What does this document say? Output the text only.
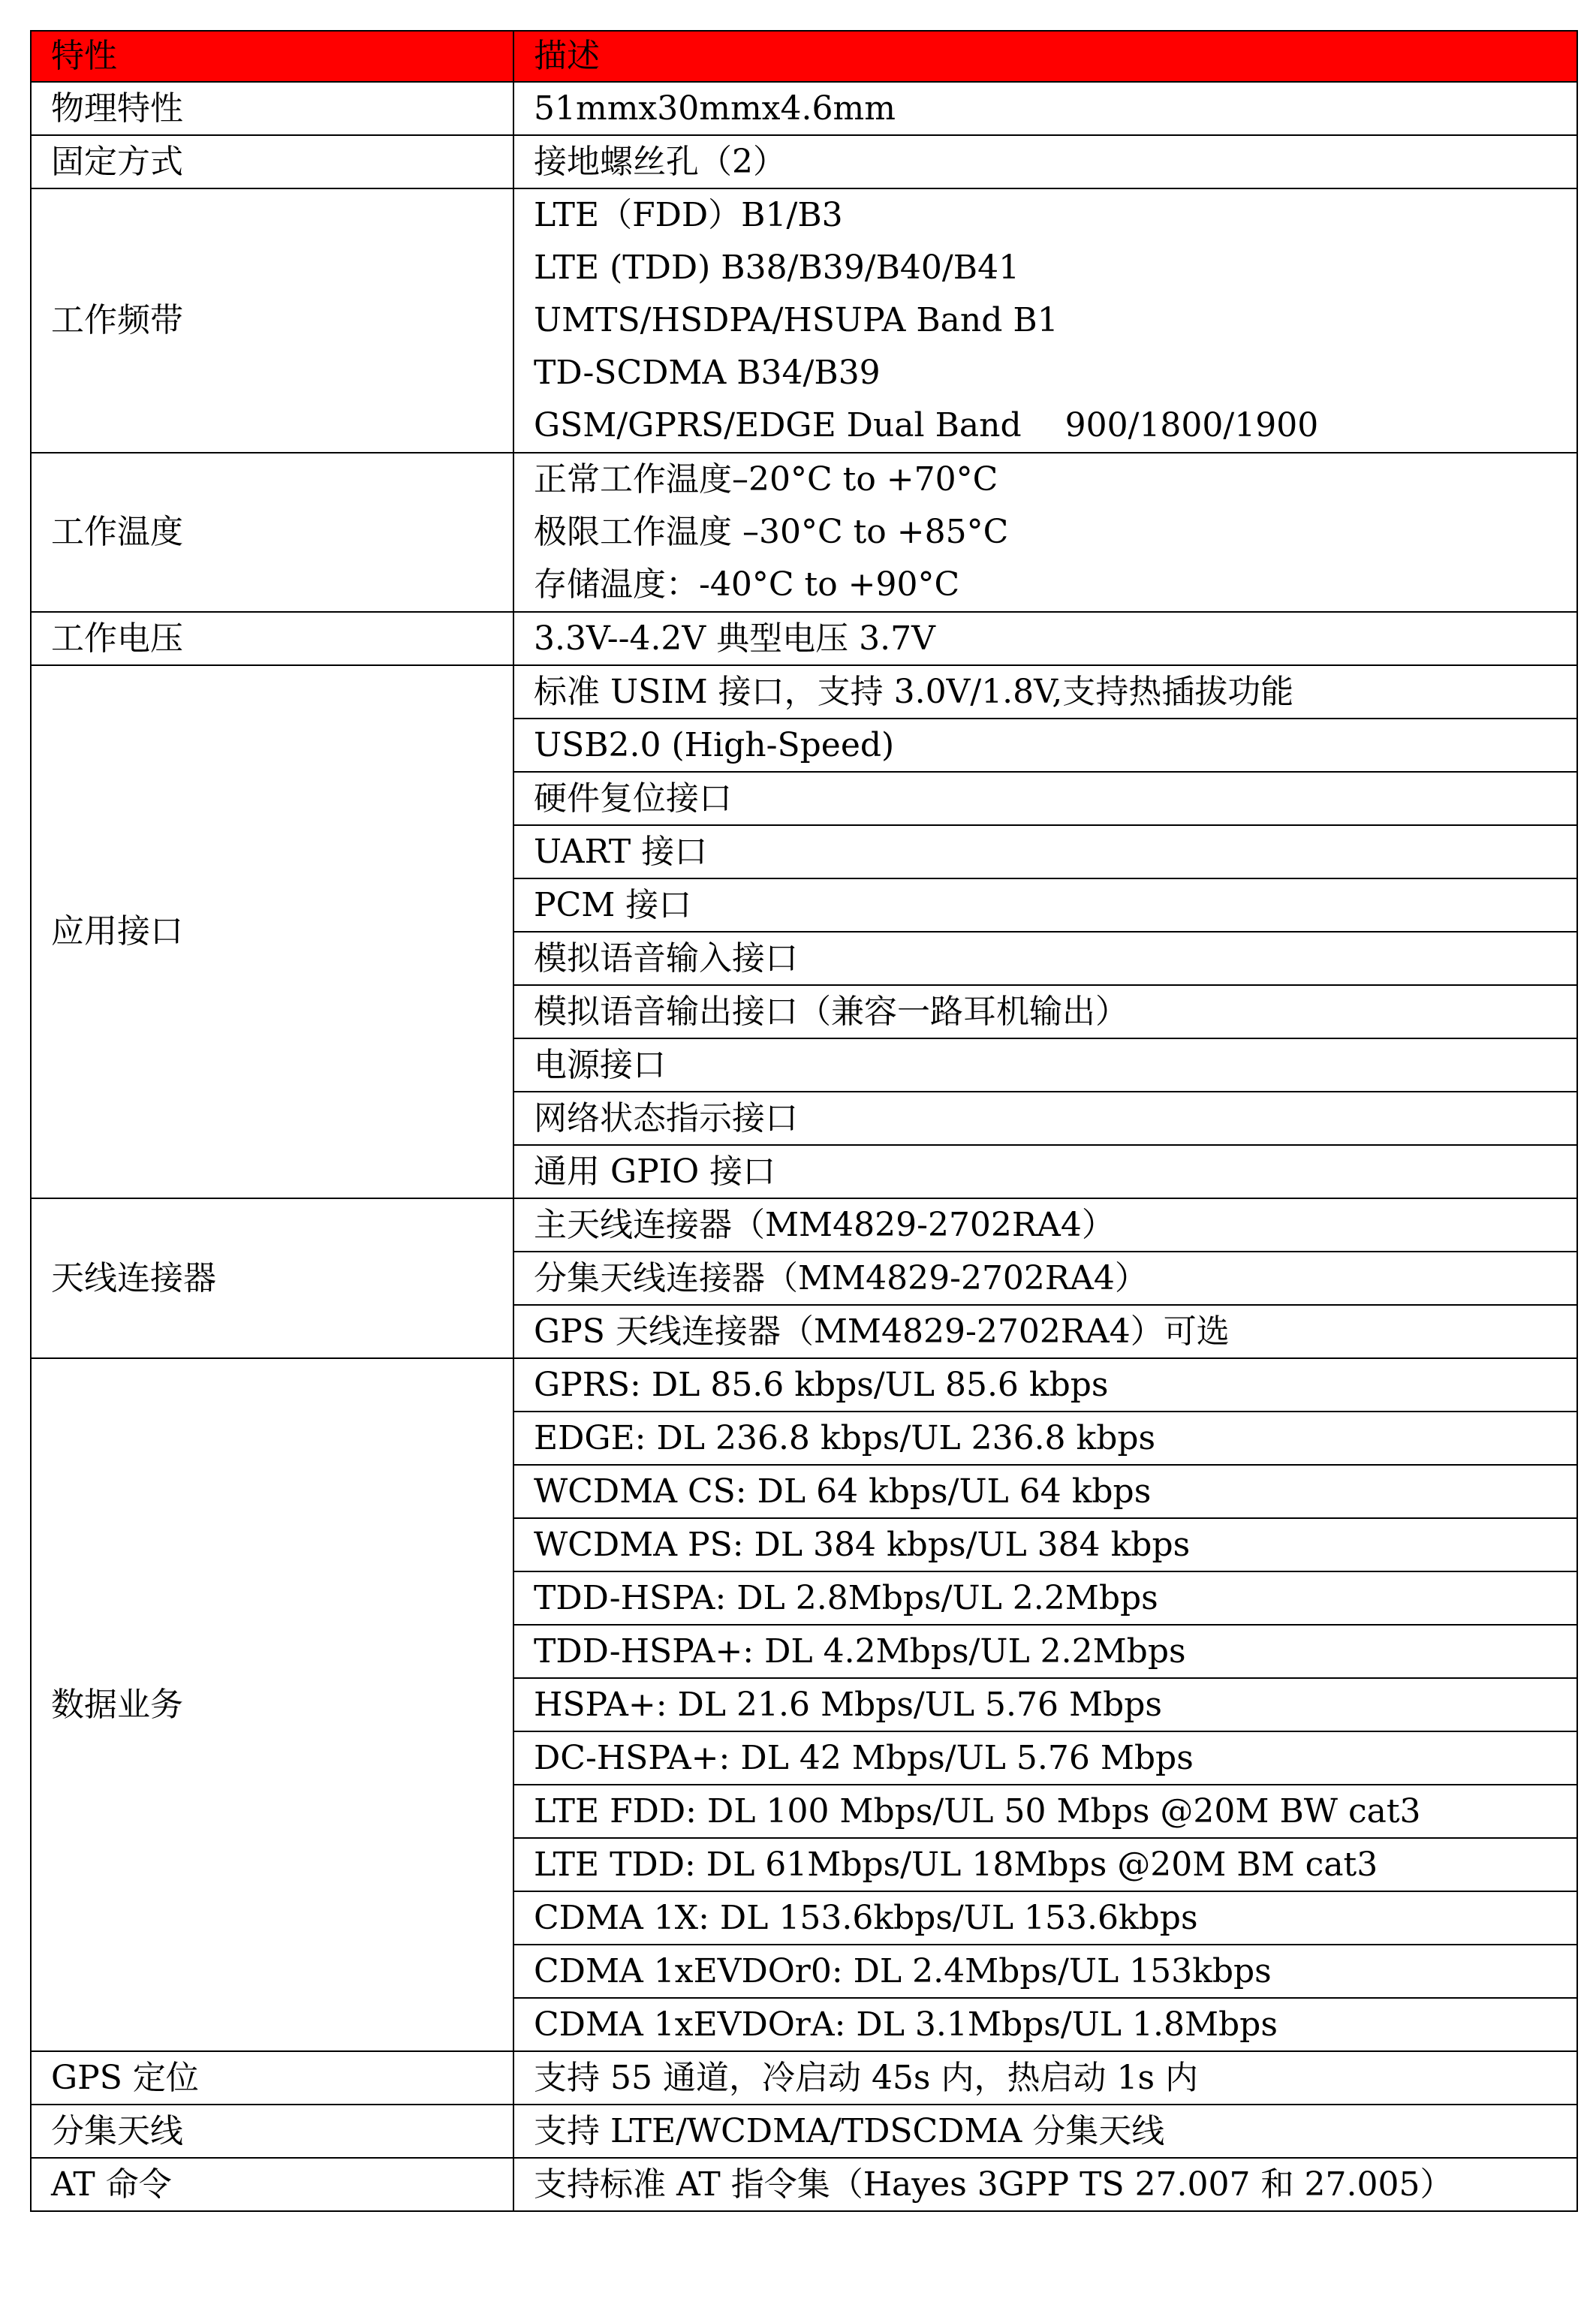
特性	描述
物理特性	51mmx30mmx4.6mm
固定方式	接地螺丝孔（2）
工作频带	LTE（FDD）B1/B3
LTE (TDD) B38/B39/B40/B41
UMTS/HSDPA/HSUPA Band B1
TD-SCDMA B34/B39
GSM/GPRS/EDGE Dual Band　 900/1800/1900

工作温度	正常工作温度–20°C to +70°C
极限工作温度 –30°C to +85°C
存储温度：-40°C to +90°C

工作电压	3.3V--4.2V 典型电压 3.7V
应用接口	标准 USIM 接口，支持 3.0V/1.8V,支持热插拔功能
	USB2.0 (High-Speed)
	硬件复位接口
	UART 接口
	PCM 接口
	模拟语音输入接口
	模拟语音输出接口（兼容一路耳机输出）
	电源接口
	网络状态指示接口
	通用 GPIO 接口
天线连接器	主天线连接器（MM4829-2702RA4）
	分集天线连接器（MM4829-2702RA4）
	GPS 天线连接器（MM4829-2702RA4）可选
数据业务	GPRS: DL 85.6 kbps/UL 85.6 kbps
	EDGE: DL 236.8 kbps/UL 236.8 kbps
	WCDMA CS: DL 64 kbps/UL 64 kbps
	WCDMA PS: DL 384 kbps/UL 384 kbps
	TDD-HSPA: DL 2.8Mbps/UL 2.2Mbps
	TDD-HSPA+: DL 4.2Mbps/UL 2.2Mbps
	HSPA+: DL 21.6 Mbps/UL 5.76 Mbps
	DC-HSPA+: DL 42 Mbps/UL 5.76 Mbps
	LTE FDD: DL 100 Mbps/UL 50 Mbps @20M BW cat3
	LTE TDD: DL 61Mbps/UL 18Mbps @20M BM cat3
	CDMA 1X: DL 153.6kbps/UL 153.6kbps
	CDMA 1xEVDOr0: DL 2.4Mbps/UL 153kbps
	CDMA 1xEVDOrA: DL 3.1Mbps/UL 1.8Mbps
GPS 定位	支持 55 通道，冷启动 45s 内，热启动 1s 内
分集天线	支持 LTE/WCDMA/TDSCDMA 分集天线
AT 命令	支持标准 AT 指令集（Hayes 3GPP TS 27.007 和 27.005）
